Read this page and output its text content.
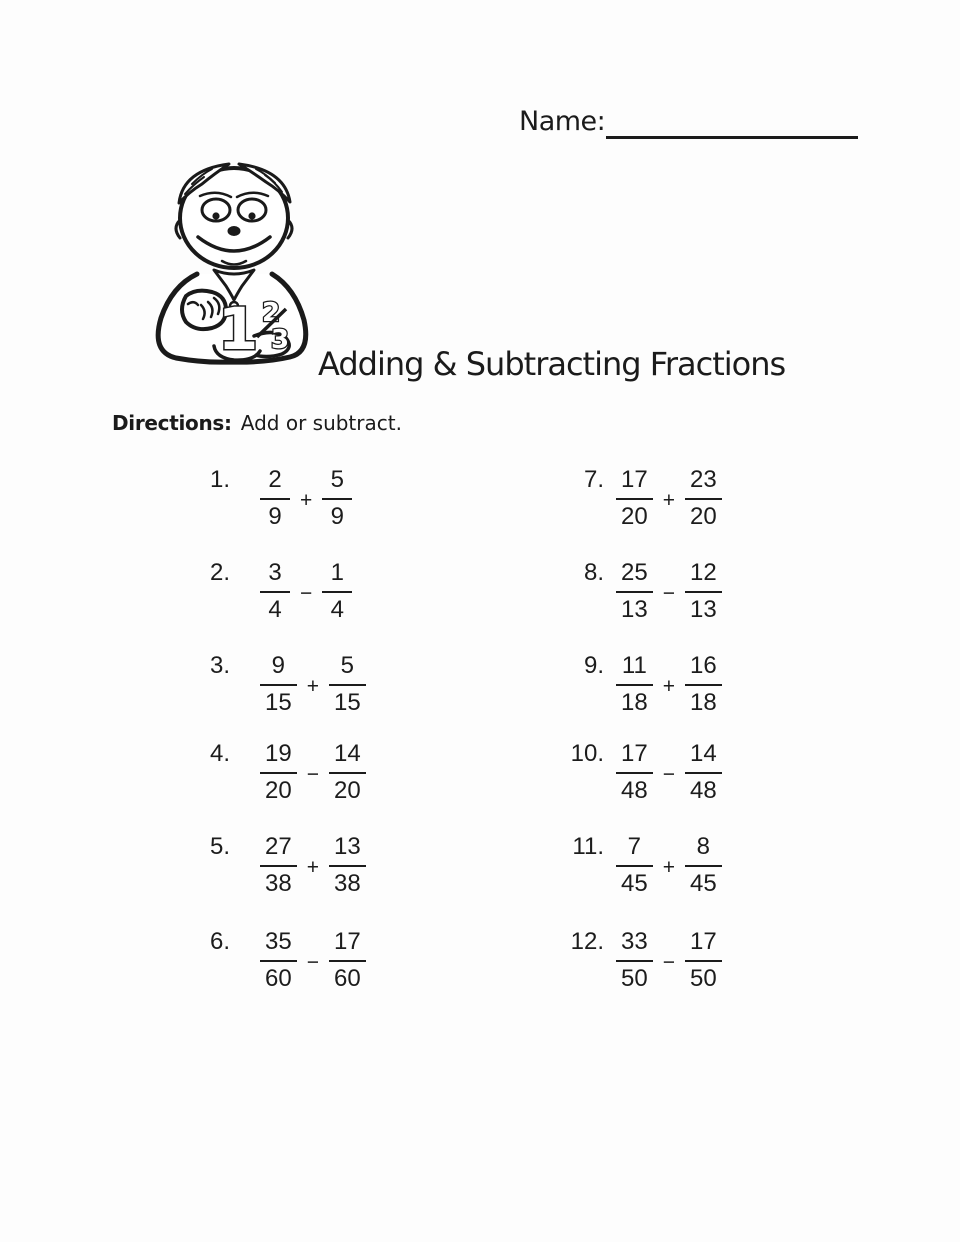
Name:
1 2
3
Adding & Subtracting Fractions
Directions: Add or subtract.
1. $\frac{2}{9} + \frac{5}{9}$
2. $\frac{3}{4} - \frac{1}{4}$
3. $\frac{9}{15} + \frac{5}{15}$
4. $\frac{19}{20} - \frac{14}{20}$
5. $\frac{27}{38} + \frac{13}{38}$
6. $\frac{35}{60} - \frac{17}{60}$
7. $\frac{17}{20} + \frac{23}{20}$
8. $\frac{25}{13} - \frac{12}{13}$
9. $\frac{11}{18} + \frac{16}{18}$
10. $\frac{17}{48} - \frac{14}{48}$
11. $\frac{7}{45} + \frac{8}{45}$
12. $\frac{33}{50} - \frac{17}{50}$
